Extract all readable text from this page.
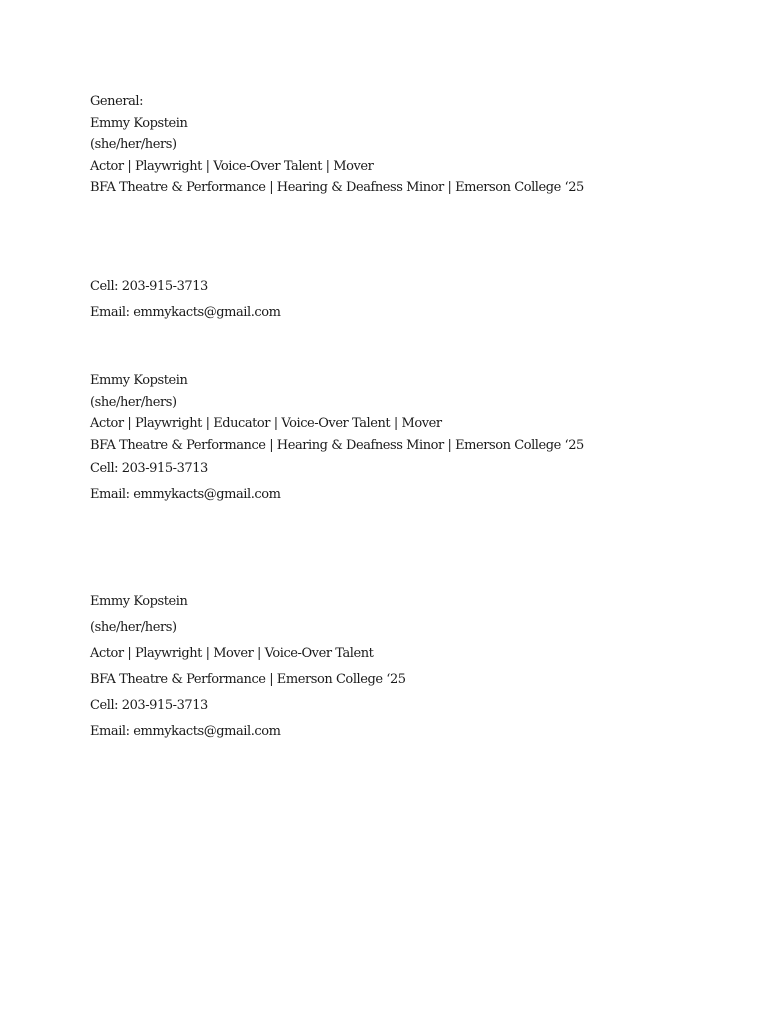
General:
Emmy Kopstein
(she/her/hers)
Actor | Playwright | Voice-Over Talent | Mover
BFA Theatre & Performance | Hearing & Deafness Minor | Emerson College ‘25
Cell: 203-915-3713
Email: emmykacts@gmail.com
Emmy Kopstein
(she/her/hers)
Actor | Playwright | Educator | Voice-Over Talent | Mover
BFA Theatre & Performance | Hearing & Deafness Minor | Emerson College ‘25
Cell: 203-915-3713
Email: emmykacts@gmail.com
Emmy Kopstein
(she/her/hers)
Actor | Playwright | Mover | Voice-Over Talent
BFA Theatre & Performance | Emerson College ‘25
Cell: 203-915-3713
Email: emmykacts@gmail.com
